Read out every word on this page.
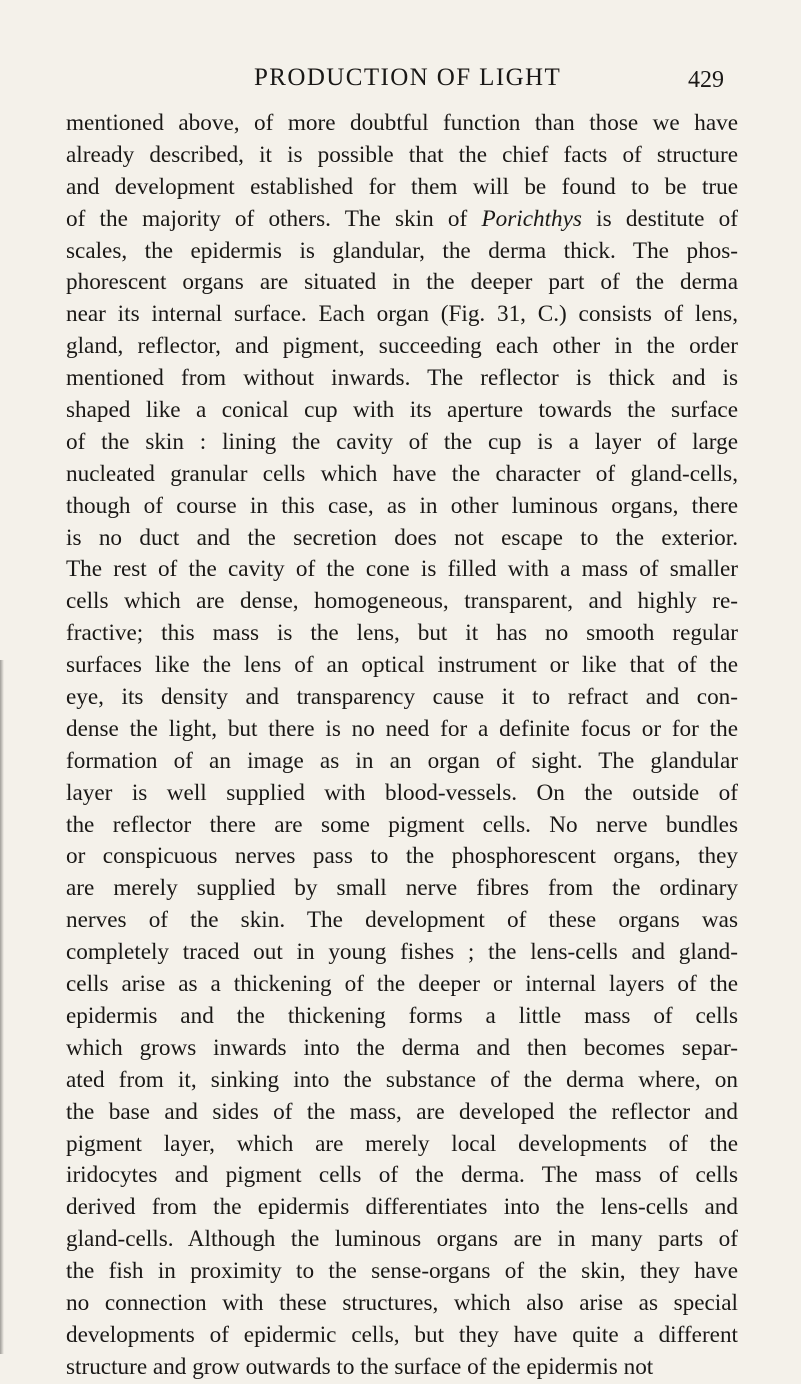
PRODUCTION OF LIGHT	429
mentioned above, of more doubtful function than those we have
already described, it is possible that the chief facts of structure
and development established for them will be found to be true
of the majority of others. The skin of Porichthys is destitute of
scales, the epidermis is glandular, the derma thick. The phos-
phorescent organs are situated in the deeper part of the derma
near its internal surface. Each organ (Fig. 31, C.) consists of lens,
gland, reflector, and pigment, succeeding each other in the order
mentioned from without inwards. The reflector is thick and is
shaped like a conical cup with its aperture towards the surface
of the skin : lining the cavity of the cup is a layer of large
nucleated granular cells which have the character of gland-cells,
though of course in this case, as in other luminous organs, there
is no duct and the secretion does not escape to the exterior.
The rest of the cavity of the cone is filled with a mass of smaller
cells which are dense, homogeneous, transparent, and highly re-
fractive; this mass is the lens, but it has no smooth regular
surfaces like the lens of an optical instrument or like that of the
eye, its density and transparency cause it to refract and con-
dense the light, but there is no need for a definite focus or for the
formation of an image as in an organ of sight. The glandular
layer is well supplied with blood-vessels. On the outside of
the reflector there are some pigment cells. No nerve bundles
or conspicuous nerves pass to the phosphorescent organs, they
are merely supplied by small nerve fibres from the ordinary
nerves of the skin. The development of these organs was
completely traced out in young fishes ; the lens-cells and gland-
cells arise as a thickening of the deeper or internal layers of the
epidermis and the thickening forms a little mass of cells
which grows inwards into the derma and then becomes separ-
ated from it, sinking into the substance of the derma where, on
the base and sides of the mass, are developed the reflector and
pigment layer, which are merely local developments of the
iridocytes and pigment cells of the derma. The mass of cells
derived from the epidermis differentiates into the lens-cells and
gland-cells. Although the luminous organs are in many parts of
the fish in proximity to the sense-organs of the skin, they have
no connection with these structures, which also arise as special
developments of epidermic cells, but they have quite a different
structure and grow outwards to the surface of the epidermis not
